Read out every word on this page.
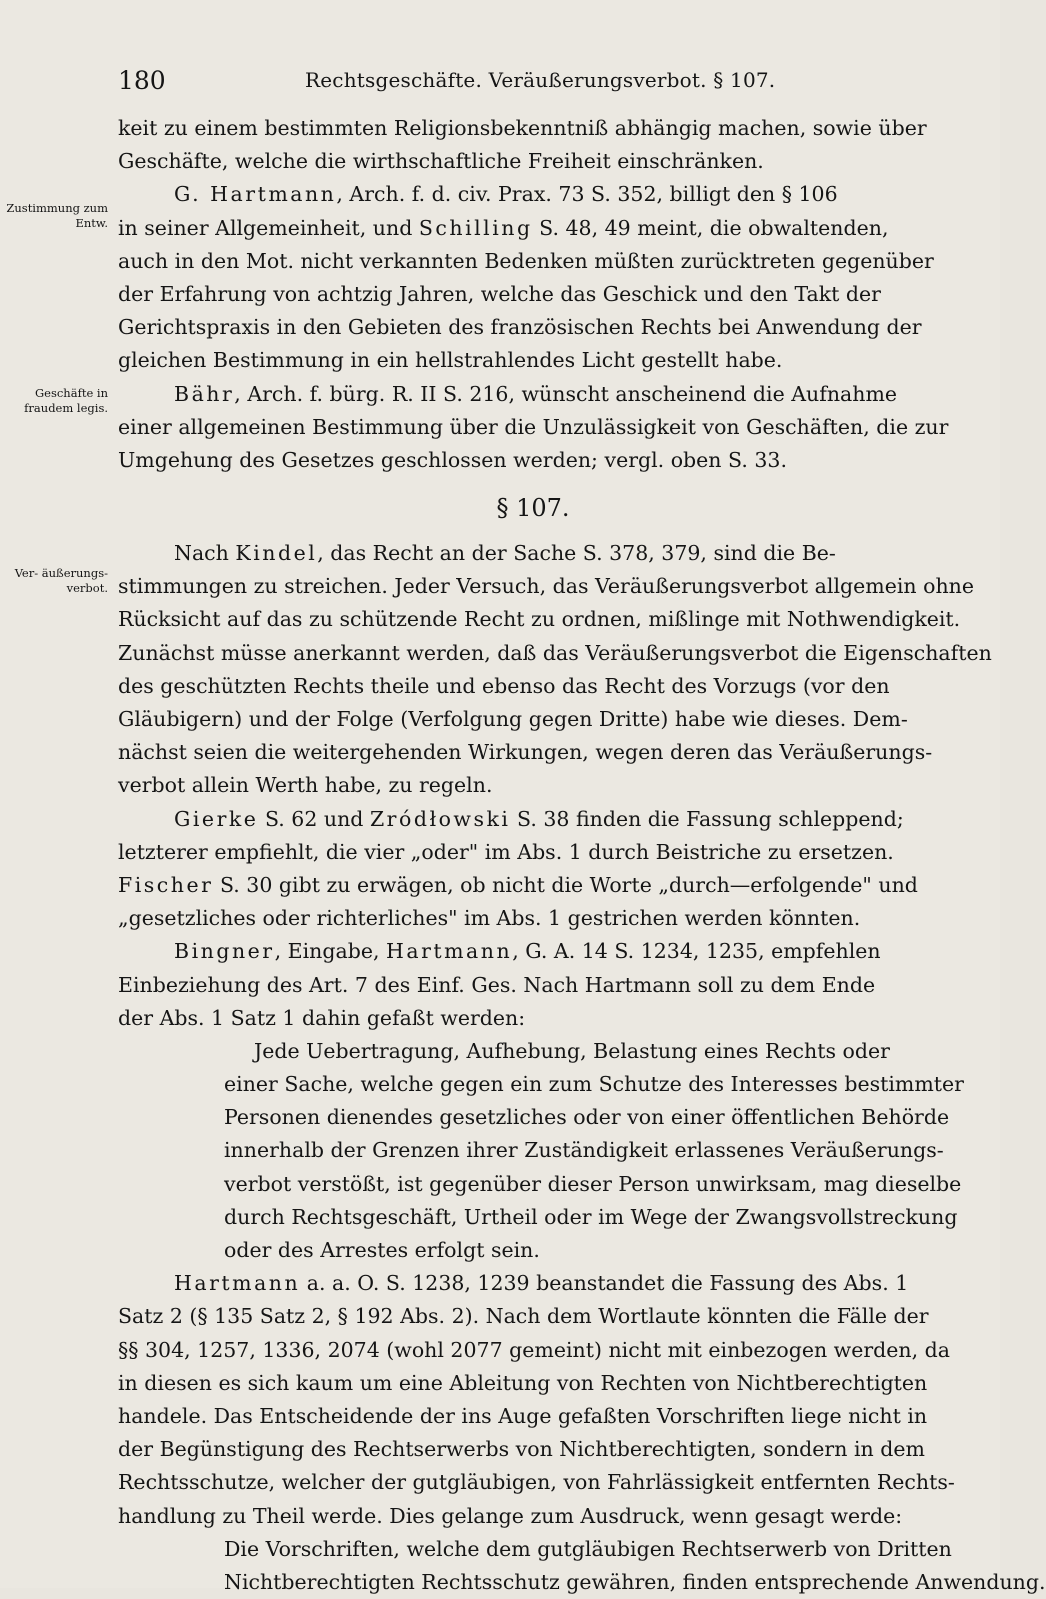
180	Rechtsgeschäfte. Veräußerungsverbot. § 107.
Zustimmung zum Entw.
Geschäfte in fraudem legis.
Ver- äußerungs- verbot.
keit zu einem bestimmten Religionsbekenntniß abhängig machen, sowie über
Geschäfte, welche die wirthschaftliche Freiheit einschränken.
G. Hartmann, Arch. f. d. civ. Prax. 73 S. 352, billigt den § 106
in seiner Allgemeinheit, und Schilling S. 48, 49 meint, die obwaltenden,
auch in den Mot. nicht verkannten Bedenken müßten zurücktreten gegenüber
der Erfahrung von achtzig Jahren, welche das Geschick und den Takt der
Gerichtspraxis in den Gebieten des französischen Rechts bei Anwendung der
gleichen Bestimmung in ein hellstrahlendes Licht gestellt habe.
Bähr, Arch. f. bürg. R. II S. 216, wünscht anscheinend die Aufnahme
einer allgemeinen Bestimmung über die Unzulässigkeit von Geschäften, die zur
Umgehung des Gesetzes geschlossen werden; vergl. oben S. 33.
§ 107.
Nach Kindel, das Recht an der Sache S. 378, 379, sind die Be-
stimmungen zu streichen. Jeder Versuch, das Veräußerungsverbot allgemein ohne
Rücksicht auf das zu schützende Recht zu ordnen, mißlinge mit Nothwendigkeit.
Zunächst müsse anerkannt werden, daß das Veräußerungsverbot die Eigenschaften
des geschützten Rechts theile und ebenso das Recht des Vorzugs (vor den
Gläubigern) und der Folge (Verfolgung gegen Dritte) habe wie dieses. Dem-
nächst seien die weitergehenden Wirkungen, wegen deren das Veräußerungs-
verbot allein Werth habe, zu regeln.
Gierke S. 62 und Zródłowski S. 38 finden die Fassung schleppend;
letzterer empfiehlt, die vier „oder" im Abs. 1 durch Beistriche zu ersetzen.
Fischer S. 30 gibt zu erwägen, ob nicht die Worte „durch—erfolgende" und
„gesetzliches oder richterliches" im Abs. 1 gestrichen werden könnten.
Bingner, Eingabe, Hartmann, G. A. 14 S. 1234, 1235, empfehlen
Einbeziehung des Art. 7 des Einf. Ges. Nach Hartmann soll zu dem Ende
der Abs. 1 Satz 1 dahin gefaßt werden:
Jede Uebertragung, Aufhebung, Belastung eines Rechts oder
einer Sache, welche gegen ein zum Schutze des Interesses bestimmter
Personen dienendes gesetzliches oder von einer öffentlichen Behörde
innerhalb der Grenzen ihrer Zuständigkeit erlassenes Veräußerungs-
verbot verstößt, ist gegenüber dieser Person unwirksam, mag dieselbe
durch Rechtsgeschäft, Urtheil oder im Wege der Zwangsvollstreckung
oder des Arrestes erfolgt sein.
Hartmann a. a. O. S. 1238, 1239 beanstandet die Fassung des Abs. 1
Satz 2 (§ 135 Satz 2, § 192 Abs. 2). Nach dem Wortlaute könnten die Fälle der
§§ 304, 1257, 1336, 2074 (wohl 2077 gemeint) nicht mit einbezogen werden, da
in diesen es sich kaum um eine Ableitung von Rechten von Nichtberechtigten
handele. Das Entscheidende der ins Auge gefaßten Vorschriften liege nicht in
der Begünstigung des Rechtserwerbs von Nichtberechtigten, sondern in dem
Rechtsschutze, welcher der gutgläubigen, von Fahrlässigkeit entfernten Rechts-
handlung zu Theil werde. Dies gelange zum Ausdruck, wenn gesagt werde:
Die Vorschriften, welche dem gutgläubigen Rechtserwerb von Dritten
Nichtberechtigten Rechtsschutz gewähren, finden entsprechende Anwendung.
